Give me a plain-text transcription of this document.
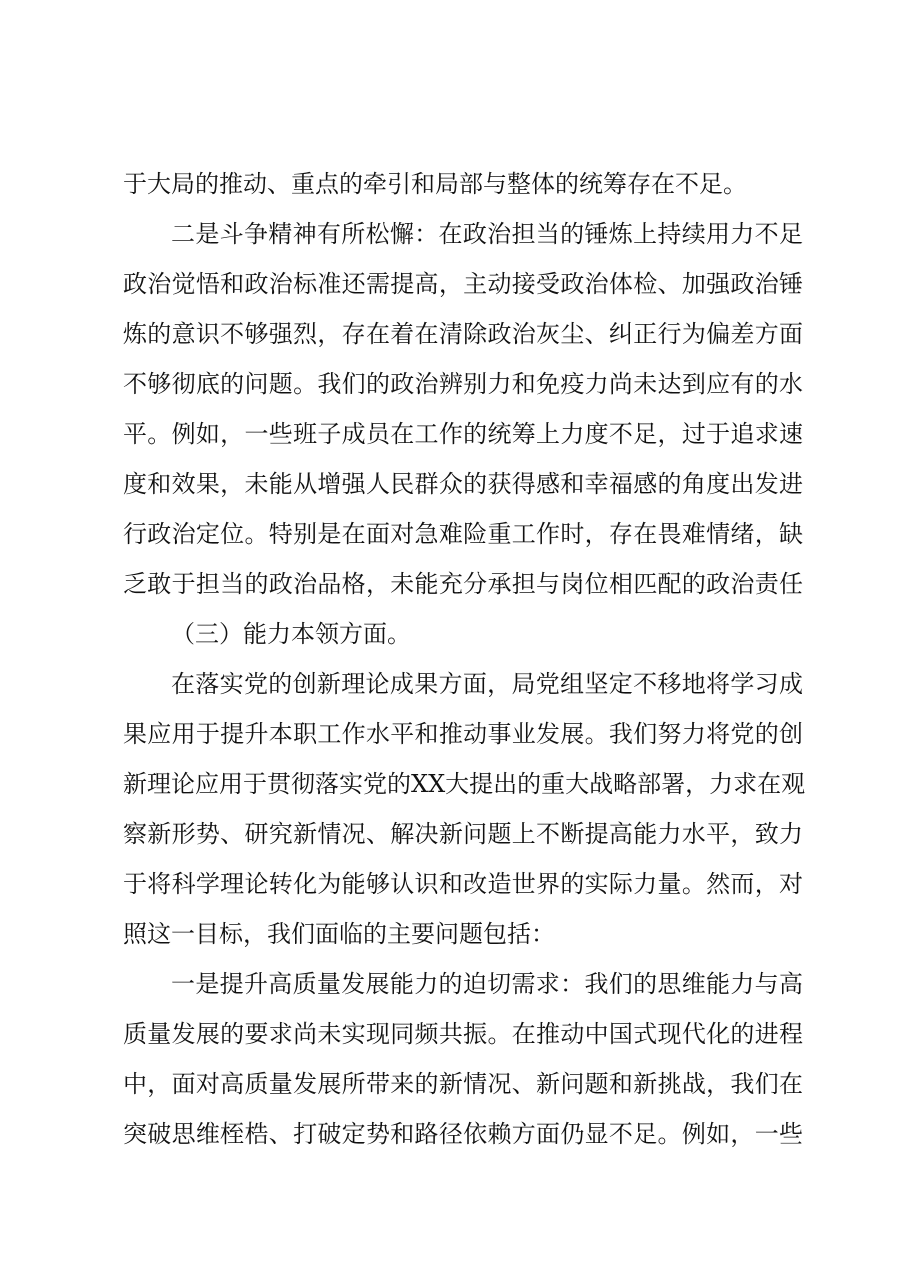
于大局的推动、重点的牵引和局部与整体的统筹存在不足。
二是斗争精神有所松懈：在政治担当的锤炼上持续用力不足
政治觉悟和政治标准还需提高，主动接受政治体检、加强政治锤
炼的意识不够强烈，存在着在清除政治灰尘、纠正行为偏差方面
不够彻底的问题。我们的政治辨别力和免疫力尚未达到应有的水
平。例如，一些班子成员在工作的统筹上力度不足，过于追求速
度和效果，未能从增强人民群众的获得感和幸福感的角度出发进
行政治定位。特别是在面对急难险重工作时，存在畏难情绪，缺
乏敢于担当的政治品格，未能充分承担与岗位相匹配的政治责任
（三）能力本领方面。
在落实党的创新理论成果方面，局党组坚定不移地将学习成
果应用于提升本职工作水平和推动事业发展。我们努力将党的创
新理论应用于贯彻落实党的XX大提出的重大战略部署，力求在观
察新形势、研究新情况、解决新问题上不断提高能力水平，致力
于将科学理论转化为能够认识和改造世界的实际力量。然而，对
照这一目标，我们面临的主要问题包括：
一是提升高质量发展能力的迫切需求：我们的思维能力与高
质量发展的要求尚未实现同频共振。在推动中国式现代化的进程
中，面对高质量发展所带来的新情况、新问题和新挑战，我们在
突破思维桎梏、打破定势和路径依赖方面仍显不足。例如，一些
